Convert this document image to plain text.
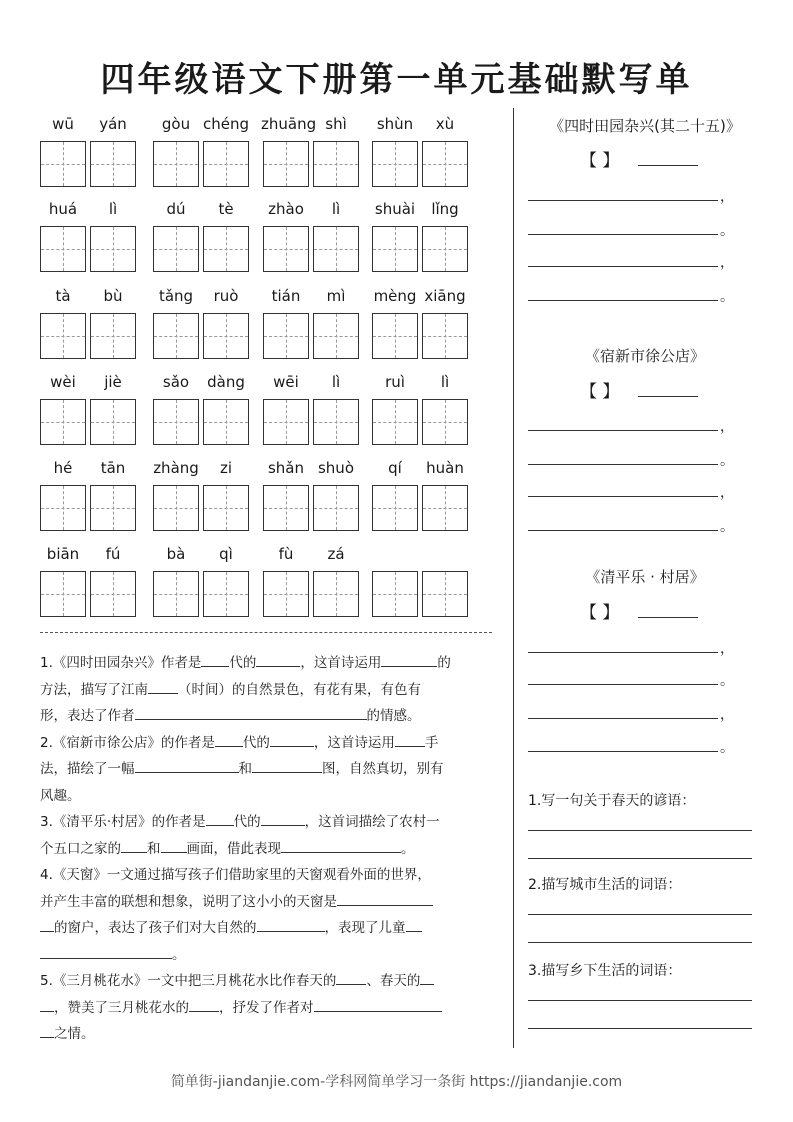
四年级语文下册第一单元基础默写单
wū	yán	gòu chéng zhuāng shì	shùn	xù
huá	lì	dú	tè	zhào	lì	shuài	lǐng
tà	bù	tǎng	ruò	tián	mì	mèng xiāng
wèi	jiè	sǎo	dàng	wēi	lì	ruì	lì
hé	tān	zhàng	zi	shǎn shuò	qí	huàn
biān	fú	bà	qì	fù	zá

1.《四时田园杂兴》作者是 代的	，这首诗运用	的
方法，描写了江南 （时间）的自然景色，有花有果，有色有
形，表达了作者	的情感。

2.《宿新市徐公店》的作者是 代的	，这首诗运用 手
法，描绘了一幅	和	图，自然真切，别有
风趣。

3.《清平乐·村居》的作者是 代的	，这首词描绘了农村一
个五口之家的 和 画面，借此表现	。

4.《天窗》一文通过描写孩子们借助家里的天窗观看外面的世界，
并产生丰富的联想和想象，说明了这小小的天窗是
的窗户，表达了孩子们对大自然的	，表现了儿童
。

5.《三月桃花水》一文中把三月桃花水比作春天的 、春天的
，赞美了三月桃花水的 ，抒发了作者对
之情。

《四时田园杂兴(其二十五)》
【 】
，
。
，
。
《宿新市徐公店》
【 】
，
。
，
。
《清平乐 · 村居》
【 】
，
。
，
。
1.写一句关于春天的谚语：
2.描写城市生活的词语：
3.描写乡下生活的词语：
简单街-jiandanjie.com-学科网简单学习一条街 https://jiandanjie.com
